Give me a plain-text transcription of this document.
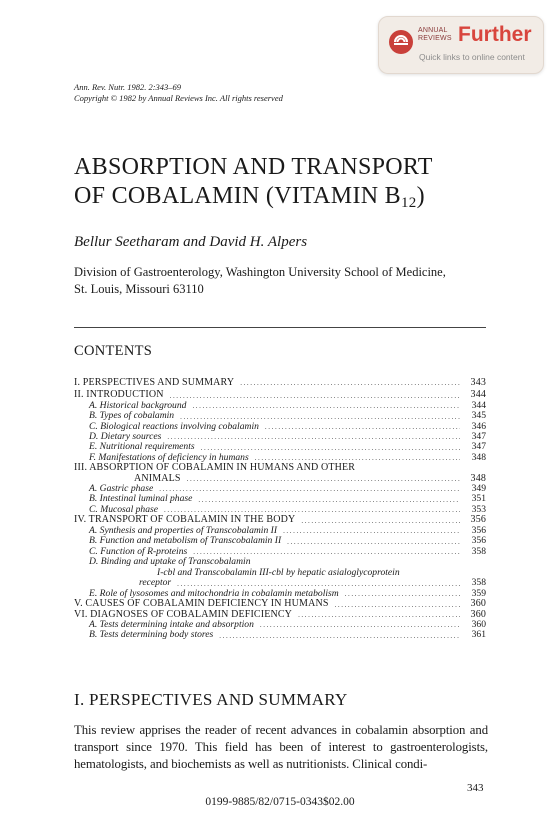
ANNUAL
REVIEWS Further
Quick links to online content
Ann. Rev. Nutr. 1982. 2:343–69
Copyright © 1982 by Annual Reviews Inc. All rights reserved
ABSORPTION AND TRANSPORT
OF COBALAMIN (VITAMIN $B_{12}$)
Bellur Seetharam and David H. Alpers
Division of Gastroenterology, Washington University School of Medicine,
St. Louis, Missouri 63110
CONTENTS
I. PERSPECTIVES AND SUMMARY .....	343
II. INTRODUCTION .....	344
A. Historical background .....	344
B. Types of cobalamin .....	345
C. Biological reactions involving cobalamin .....	346
D. Dietary sources .....	347
E. Nutritional requirements .....	347
F. Manifestations of deficiency in humans .....	348
III. ABSORPTION OF COBALAMIN IN HUMANS AND OTHER
ANIMALS .....	348
A. Gastric phase .....	349
B. Intestinal luminal phase .....	351
C. Mucosal phase .....	353
IV. TRANSPORT OF COBALAMIN IN THE BODY .....	356
A. Synthesis and properties of Transcobalamin II .....	356
B. Function and metabolism of Transcobalamin II .....	356
C. Function of R-proteins .....	358
D. Binding and uptake of Transcobalamin
I-cbl and Transcobalamin III-cbl by hepatic asialoglycoprotein
receptor .....	358
E. Role of lysosomes and mitochondria in cobalamin metabolism .....	359
V. CAUSES OF COBALAMIN DEFICIENCY IN HUMANS .....	360
VI. DIAGNOSES OF COBALAMIN DEFICIENCY .....	360
A. Tests determining intake and absorption .....	360
B. Tests determining body stores .....	361
I. PERSPECTIVES AND SUMMARY

This review apprises the reader of recent advances in cobalamin absorption and transport since 1970. This field has been of interest to gastroenterologists, hematologists, and biochemists as well as nutritionists. Clinical condi-

343
0199-9885/82/0715-0343$02.00
